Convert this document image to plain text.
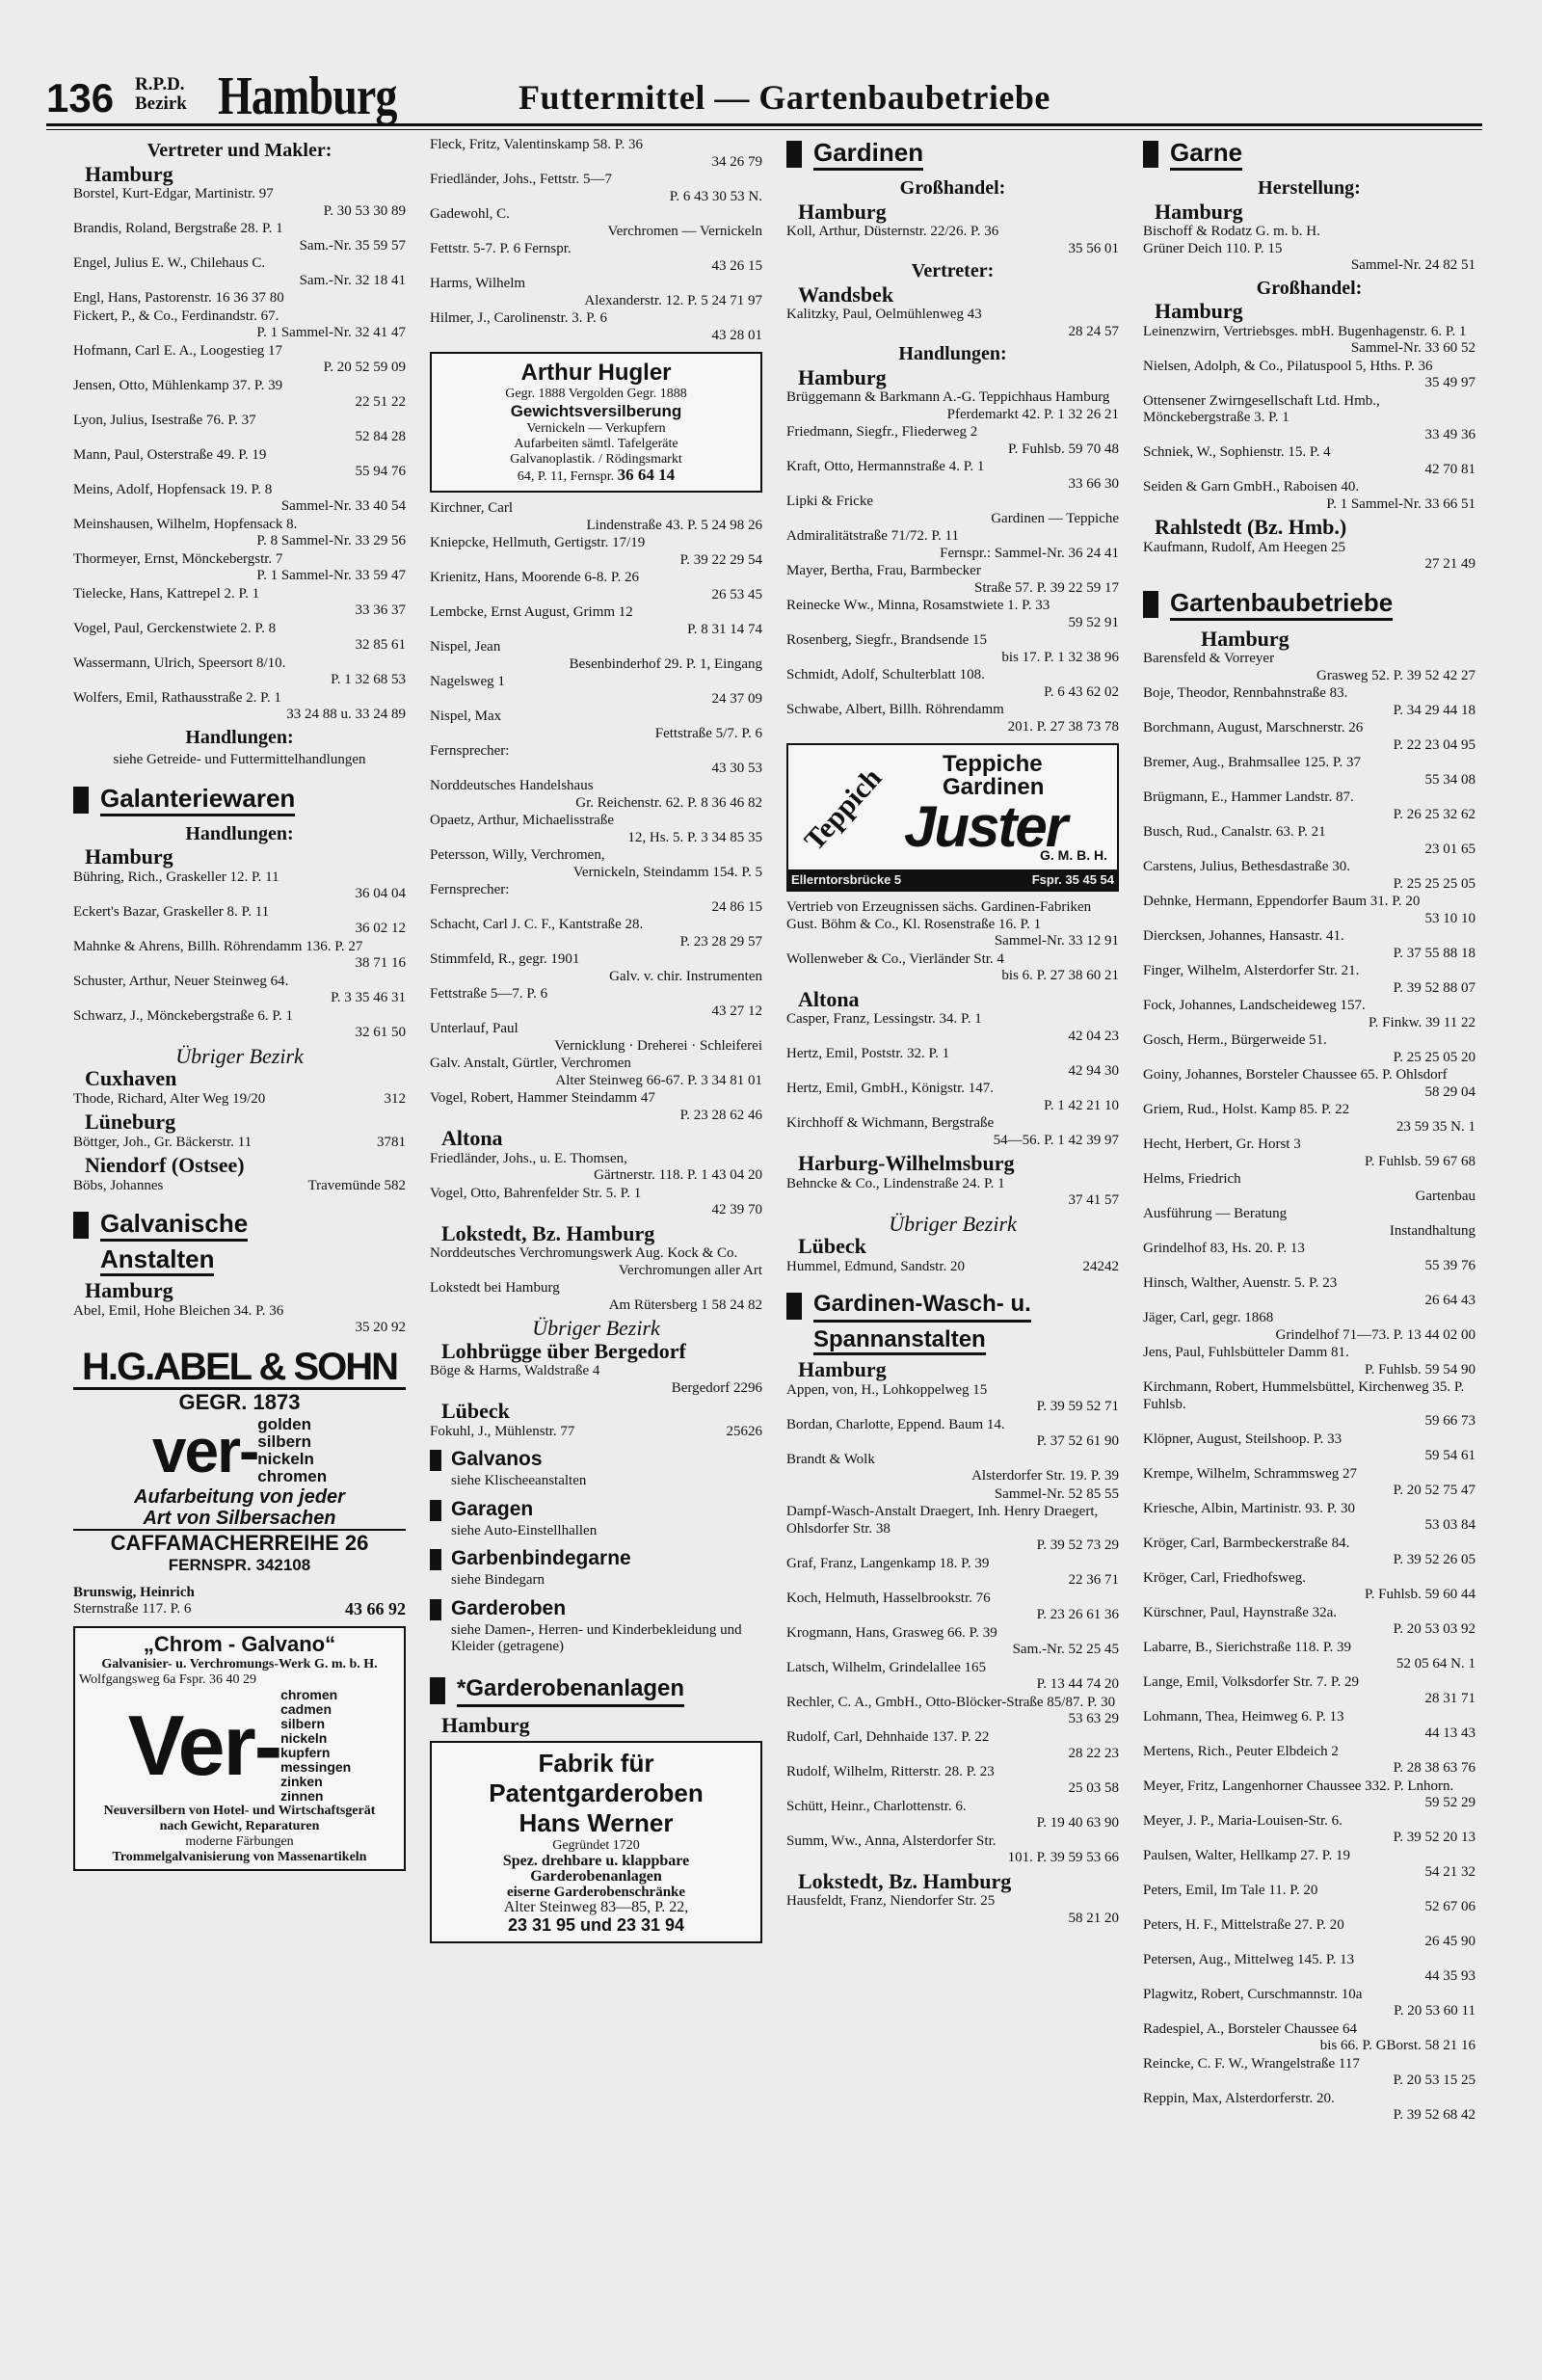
136 R.P.D.
Bezirk Hamburg	Futtermittel — Gartenbaubetriebe
Vertreter und Makler:
Hamburg
Borstel, Kurt-Edgar, Martinistr. 97
P. 30 53 30 89
Brandis, Roland, Bergstraße 28. P. 1
Sam.-Nr. 35 59 57
Engel, Julius E. W., Chilehaus C.
Sam.-Nr. 32 18 41
Engl, Hans, Pastorenstr. 16 36 37 80
Fickert, P., & Co., Ferdinandstr. 67.
P. 1 Sammel-Nr. 32 41 47
Hofmann, Carl E. A., Loogestieg 17
P. 20 52 59 09
Jensen, Otto, Mühlenkamp 37. P. 39
22 51 22
Lyon, Julius, Isestraße 76. P. 37
52 84 28
Mann, Paul, Osterstraße 49. P. 19
55 94 76
Meins, Adolf, Hopfensack 19. P. 8
Sammel-Nr. 33 40 54
Meinshausen, Wilhelm, Hopfensack 8.
P. 8 Sammel-Nr. 33 29 56
Thormeyer, Ernst, Mönckebergstr. 7
P. 1 Sammel-Nr. 33 59 47
Tielecke, Hans, Kattrepel 2. P. 1
33 36 37
Vogel, Paul, Gerckenstwiete 2. P. 8
32 85 61
Wassermann, Ulrich, Speersort 8/10.
P. 1 32 68 53
Wolfers, Emil, Rathausstraße 2. P. 1
33 24 88 u. 33 24 89
Handlungen:
siehe Getreide- und Futtermittelhandlungen
Galanteriewaren
Handlungen:
Hamburg
Bühring, Rich., Graskeller 12. P. 11
36 04 04
Eckert's Bazar, Graskeller 8. P. 11
36 02 12
Mahnke & Ahrens, Billh. Röhrendamm 136. P. 27
38 71 16
Schuster, Arthur, Neuer Steinweg 64.
P. 3 35 46 31
Schwarz, J., Mönckebergstraße 6. P. 1
32 61 50
Übriger Bezirk
Cuxhaven
Thode, Richard, Alter Weg 19/20	312
Lüneburg
Böttger, Joh., Gr. Bäckerstr. 11	3781
Niendorf (Ostsee)
Böbs, Johannes	Travemünde 582
Galvanische
Anstalten
Hamburg
Abel, Emil, Hohe Bleichen 34. P. 36
35 20 92
H.G.ABEL & SOHN
GEGR. 1873
ver- golden
silbern
nickeln
chromen
Aufarbeitung von jeder
Art von Silbersachen
CAFFAMACHERREIHE 26
FERNSPR. 342108
Brunswig, Heinrich
Sternstraße 117. P. 6	43 66 92
„Chrom - Galvano“
Galvanisier- u. Verchromungs-Werk G. m. b. H.
Wolfgangsweg 6a Fspr. 36 40 29
Ver-
chromen
cadmen
silbern
nickeln
kupfern
messingen
zinken
zinnen
Neuversilbern von Hotel- und Wirtschaftsgerät
nach Gewicht, Reparaturen
moderne Färbungen
Trommelgalvanisierung von Massenartikeln
Fleck, Fritz, Valentinskamp 58. P. 36
34 26 79
Friedländer, Johs., Fettstr. 5—7
P. 6 43 30 53 N.
Gadewohl, C.
Verchromen — Vernickeln
Fettstr. 5-7. P. 6 Fernspr.
43 26 15
Harms, Wilhelm
Alexanderstr. 12. P. 5 24 71 97
Hilmer, J., Carolinenstr. 3. P. 6
43 28 01
Arthur Hugler
Gegr. 1888 Vergolden Gegr. 1888
Gewichtsversilberung
Vernickeln — Verkupfern
Aufarbeiten sämtl. Tafelgeräte
Galvanoplastik. / Rödingsmarkt
64, P. 11, Fernspr. 36 64 14
Kirchner, Carl
Lindenstraße 43. P. 5 24 98 26
Kniepcke, Hellmuth, Gertigstr. 17/19
P. 39 22 29 54
Krienitz, Hans, Moorende 6-8. P. 26
26 53 45
Lembcke, Ernst August, Grimm 12
P. 8 31 14 74
Nispel, Jean
Besenbinderhof 29. P. 1, Eingang
Nagelsweg 1
24 37 09
Nispel, Max
Fettstraße 5/7. P. 6
Fernsprecher:
43 30 53
Norddeutsches Handelshaus
Gr. Reichenstr. 62. P. 8 36 46 82
Opaetz, Arthur, Michaelisstraße
12, Hs. 5. P. 3 34 85 35
Petersson, Willy, Verchromen,
Vernickeln, Steindamm 154. P. 5
Fernsprecher:
24 86 15
Schacht, Carl J. C. F., Kantstraße 28.
P. 23 28 29 57
Stimmfeld, R., gegr. 1901
Galv. v. chir. Instrumenten
Fettstraße 5—7. P. 6
43 27 12
Unterlauf, Paul
Vernicklung · Dreherei · Schleiferei
Galv. Anstalt, Gürtler, Verchromen
Alter Steinweg 66-67. P. 3 34 81 01
Vogel, Robert, Hammer Steindamm 47
P. 23 28 62 46
Altona
Friedländer, Johs., u. E. Thomsen,
Gärtnerstr. 118. P. 1 43 04 20
Vogel, Otto, Bahrenfelder Str. 5. P. 1
42 39 70
Lokstedt, Bz. Hamburg
Norddeutsches Verchromungswerk Aug. Kock & Co.
Verchromungen aller Art
Lokstedt bei Hamburg
Am Rütersberg 1 58 24 82
Übriger Bezirk
Lohbrügge über Bergedorf
Böge & Harms, Waldstraße 4
Bergedorf 2296
Lübeck
Fokuhl, J., Mühlenstr. 77	25626
Galvanos
siehe Klischeeanstalten
Garagen
siehe Auto-Einstellhallen
Garbenbindegarne
siehe Bindegarn
Garderoben
siehe Damen-, Herren- und Kinderbekleidung und Kleider (getragene)
*Garderobenanlagen
Hamburg
Fabrik für
Patentgarderoben
Hans Werner
Gegründet 1720
Spez. drehbare u. klappbare Garderobenanlagen
eiserne Garderobenschränke
Alter Steinweg 83—85, P. 22,
23 31 95 und 23 31 94
Gardinen
Großhandel:
Hamburg
Koll, Arthur, Düsternstr. 22/26. P. 36
35 56 01
Vertreter:
Wandsbek
Kalitzky, Paul, Oelmühlenweg 43
28 24 57
Handlungen:
Hamburg
Brüggemann & Barkmann A.-G. Teppichhaus Hamburg
Pferdemarkt 42. P. 1 32 26 21
Friedmann, Siegfr., Fliederweg 2
P. Fuhlsb. 59 70 48
Kraft, Otto, Hermannstraße 4. P. 1
33 66 30
Lipki & Fricke
Gardinen — Teppiche
Admiralitätstraße 71/72. P. 11
Fernspr.: Sammel-Nr. 36 24 41
Mayer, Bertha, Frau, Barmbecker
Straße 57. P. 39 22 59 17
Reinecke Ww., Minna, Rosamstwiete 1. P. 33
59 52 91
Rosenberg, Siegfr., Brandsende 15
bis 17. P. 1 32 38 96
Schmidt, Adolf, Schulterblatt 108.
P. 6 43 62 02
Schwabe, Albert, Billh. Röhrendamm
201. P. 27 38 73 78
Teppich Teppiche
Gardinen
Juster
G. M. B. H.
Ellerntorsbrücke 5	Fspr. 35 45 54
Vertrieb von Erzeugnissen sächs. Gardinen-Fabriken Gust. Böhm & Co., Kl. Rosenstraße 16. P. 1
Sammel-Nr. 33 12 91
Wollenweber & Co., Vierländer Str. 4
bis 6. P. 27 38 60 21
Altona
Casper, Franz, Lessingstr. 34. P. 1
42 04 23
Hertz, Emil, Poststr. 32. P. 1
42 94 30
Hertz, Emil, GmbH., Königstr. 147.
P. 1 42 21 10
Kirchhoff & Wichmann, Bergstraße
54—56. P. 1 42 39 97
Harburg-Wilhelmsburg
Behncke & Co., Lindenstraße 24. P. 1
37 41 57
Übriger Bezirk
Lübeck
Hummel, Edmund, Sandstr. 20	24242
Gardinen-Wasch- u.
Spannanstalten
Hamburg
Appen, von, H., Lohkoppelweg 15
P. 39 59 52 71
Bordan, Charlotte, Eppend. Baum 14.
P. 37 52 61 90
Brandt & Wolk
Alsterdorfer Str. 19. P. 39
Sammel-Nr. 52 85 55
Dampf-Wasch-Anstalt Draegert, Inh. Henry Draegert, Ohlsdorfer Str. 38
P. 39 52 73 29
Graf, Franz, Langenkamp 18. P. 39
22 36 71
Koch, Helmuth, Hasselbrookstr. 76
P. 23 26 61 36
Krogmann, Hans, Grasweg 66. P. 39
Sam.-Nr. 52 25 45
Latsch, Wilhelm, Grindelallee 165
P. 13 44 74 20
Rechler, C. A., GmbH., Otto-Blöcker-Straße 85/87. P. 30
53 63 29
Rudolf, Carl, Dehnhaide 137. P. 22
28 22 23
Rudolf, Wilhelm, Ritterstr. 28. P. 23
25 03 58
Schütt, Heinr., Charlottenstr. 6.
P. 19 40 63 90
Summ, Ww., Anna, Alsterdorfer Str.
101. P. 39 59 53 66
Lokstedt, Bz. Hamburg
Hausfeldt, Franz, Niendorfer Str. 25
58 21 20
Garne
Herstellung:
Hamburg
Bischoff & Rodatz G. m. b. H.
Grüner Deich 110. P. 15
Sammel-Nr. 24 82 51
Großhandel:
Hamburg
Leinenzwirn, Vertriebsges. mbH. Bugenhagenstr. 6. P. 1
Sammel-Nr. 33 60 52
Nielsen, Adolph, & Co., Pilatuspool 5, Hths. P. 36
35 49 97
Ottensener Zwirngesellschaft Ltd. Hmb., Mönckebergstraße 3. P. 1
33 49 36
Schniek, W., Sophienstr. 15. P. 4
42 70 81
Seiden & Garn GmbH., Raboisen 40.
P. 1 Sammel-Nr. 33 66 51
Rahlstedt (Bz. Hmb.)
Kaufmann, Rudolf, Am Heegen 25
27 21 49
Gartenbaubetriebe
Hamburg
Barensfeld & Vorreyer
Grasweg 52. P. 39 52 42 27
Boje, Theodor, Rennbahnstraße 83.
P. 34 29 44 18
Borchmann, August, Marschnerstr. 26
P. 22 23 04 95
Bremer, Aug., Brahmsallee 125. P. 37
55 34 08
Brügmann, E., Hammer Landstr. 87.
P. 26 25 32 62
Busch, Rud., Canalstr. 63. P. 21
23 01 65
Carstens, Julius, Bethesdastraße 30.
P. 25 25 25 05
Dehnke, Hermann, Eppendorfer Baum 31. P. 20
53 10 10
Diercksen, Johannes, Hansastr. 41.
P. 37 55 88 18
Finger, Wilhelm, Alsterdorfer Str. 21.
P. 39 52 88 07
Fock, Johannes, Landscheideweg 157.
P. Finkw. 39 11 22
Gosch, Herm., Bürgerweide 51.
P. 25 25 05 20
Goiny, Johannes, Borsteler Chaussee 65. P. Ohlsdorf
58 29 04
Griem, Rud., Holst. Kamp 85. P. 22
23 59 35 N. 1
Hecht, Herbert, Gr. Horst 3
P. Fuhlsb. 59 67 68
Helms, Friedrich
Gartenbau
Ausführung — Beratung
Instandhaltung
Grindelhof 83, Hs. 20. P. 13
55 39 76
Hinsch, Walther, Auenstr. 5. P. 23
26 64 43
Jäger, Carl, gegr. 1868
Grindelhof 71—73. P. 13 44 02 00
Jens, Paul, Fuhlsbütteler Damm 81.
P. Fuhlsb. 59 54 90
Kirchmann, Robert, Hummelsbüttel, Kirchenweg 35. P. Fuhlsb.
59 66 73
Klöpner, August, Steilshoop. P. 33
59 54 61
Krempe, Wilhelm, Schrammsweg 27
P. 20 52 75 47
Kriesche, Albin, Martinistr. 93. P. 30
53 03 84
Kröger, Carl, Barmbeckerstraße 84.
P. 39 52 26 05
Kröger, Carl, Friedhofsweg.
P. Fuhlsb. 59 60 44
Kürschner, Paul, Haynstraße 32a.
P. 20 53 03 92
Labarre, B., Sierichstraße 118. P. 39
52 05 64 N. 1
Lange, Emil, Volksdorfer Str. 7. P. 29
28 31 71
Lohmann, Thea, Heimweg 6. P. 13
44 13 43
Mertens, Rich., Peuter Elbdeich 2
P. 28 38 63 76
Meyer, Fritz, Langenhorner Chaussee 332. P. Lnhorn.
59 52 29
Meyer, J. P., Maria-Louisen-Str. 6.
P. 39 52 20 13
Paulsen, Walter, Hellkamp 27. P. 19
54 21 32
Peters, Emil, Im Tale 11. P. 20
52 67 06
Peters, H. F., Mittelstraße 27. P. 20
26 45 90
Petersen, Aug., Mittelweg 145. P. 13
44 35 93
Plagwitz, Robert, Curschmannstr. 10a
P. 20 53 60 11
Radespiel, A., Borsteler Chaussee 64
bis 66. P. GBorst. 58 21 16
Reincke, C. F. W., Wrangelstraße 117
P. 20 53 15 25
Reppin, Max, Alsterdorferstr. 20.
P. 39 52 68 42
